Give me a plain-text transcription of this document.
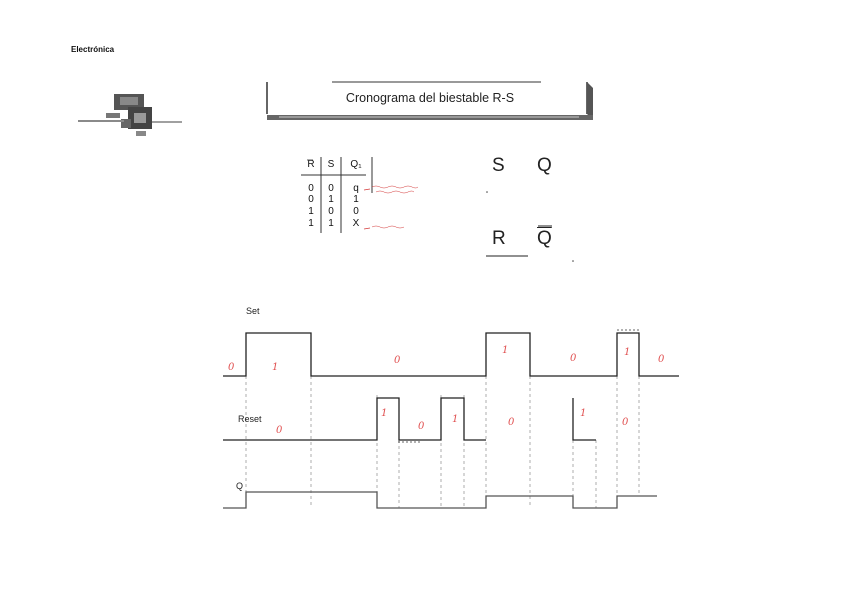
Electrónica
Cronograma del biestable R-S
R	S	Q₁
0	0	q
0	1	1
1	0	0
1	1	X
S Q
R $\overline{Q}$
Set
Reset
Q
0	1
0
1
0
1
0
0
1
0
1	0
1
0
